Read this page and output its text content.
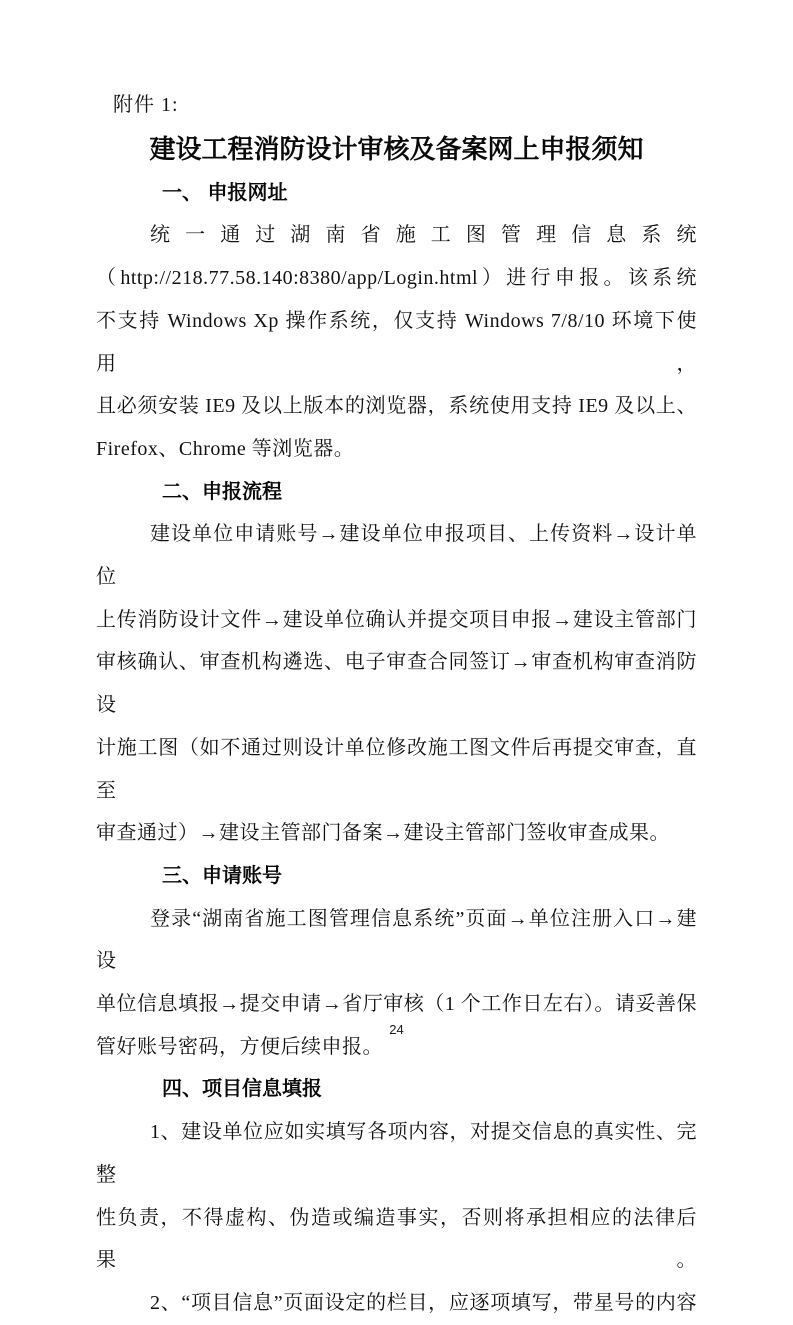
附件 1:
建设工程消防设计审核及备案网上申报须知
一、 申报网址
统一通过湖南省施工图管理信息系统
（http://218.77.58.140:8380/app/Login.html）进行申报。该系统
不支持 Windows Xp 操作系统，仅支持 Windows 7/8/10 环境下使用，
且必须安装 IE9 及以上版本的浏览器，系统使用支持 IE9 及以上、
Firefox、Chrome 等浏览器。
二、申报流程
建设单位申请账号→建设单位申报项目、上传资料→设计单位
上传消防设计文件→建设单位确认并提交项目申报→建设主管部门
审核确认、审查机构遴选、电子审查合同签订→审查机构审查消防设
计施工图（如不通过则设计单位修改施工图文件后再提交审查，直至
审查通过）→建设主管部门备案→建设主管部门签收审查成果。
三、申请账号
登录“湖南省施工图管理信息系统”页面→单位注册入口→建设
单位信息填报→提交申请→省厅审核（1 个工作日左右）。请妥善保
管好账号密码，方便后续申报。
四、项目信息填报
1、建设单位应如实填写各项内容，对提交信息的真实性、完整
性负责，不得虚构、伪造或编造事实，否则将承担相应的法律后果。
2、“项目信息”页面设定的栏目，应逐项填写，带星号的内容
24
